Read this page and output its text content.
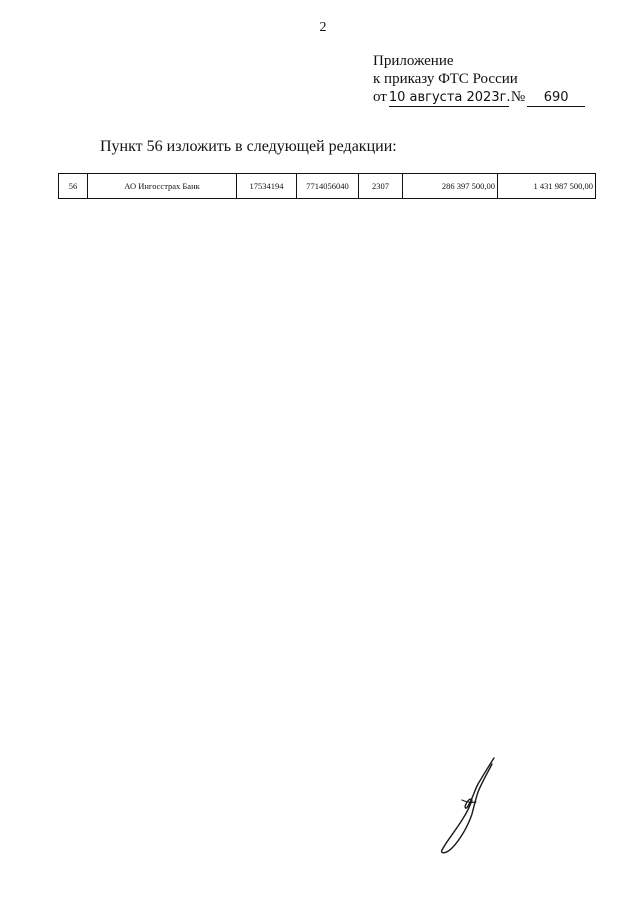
2
Приложение
к приказу ФТС России
от 10 августа 2023г. №	690
Пункт 56 изложить в следующей редакции:
56	АО Ингосстрах Банк	17534194	7714056040	2307	286 397 500,00	1 431 987 500,00
